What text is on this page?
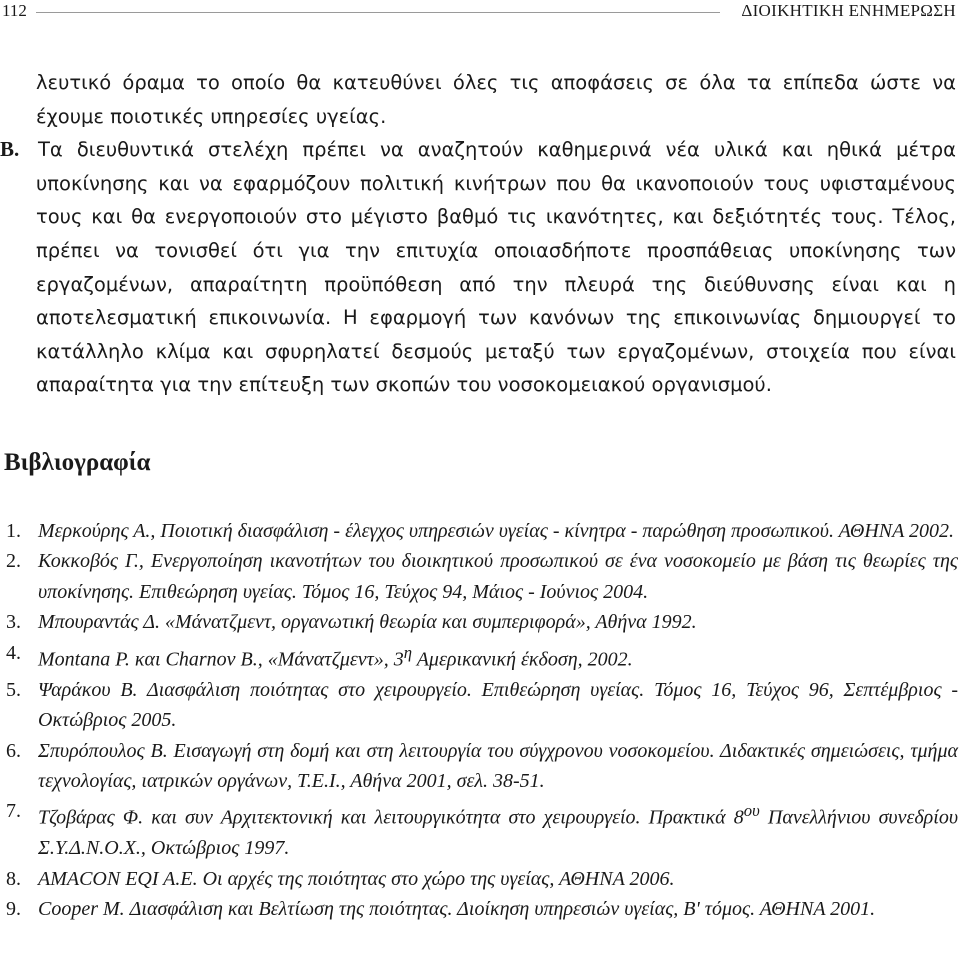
112	ΔΙΟΙΚΗΤΙΚΗ ΕΝΗΜΕΡΩΣΗ

λευτικό όραμα το οποίο θα κατευθύνει όλες τις αποφάσεις σε όλα τα επίπεδα ώστε να έχουμε ποιοτικές υπηρεσίες υγείας.

B. Τα διευθυντικά στελέχη πρέπει να αναζητούν καθημερινά νέα υλικά και ηθικά μέτρα υποκίνησης και να εφαρμόζουν πολιτική κινήτρων που θα ικανοποιούν τους υφισταμένους τους και θα ενεργοποιούν στο μέγιστο βαθμό τις ικανότητες, και δεξιότητές τους. Τέλος, πρέπει να τονισθεί ότι για την επιτυχία οποιασδήποτε προσπάθειας υποκίνησης των εργαζομένων, απαραίτητη προϋπόθεση από την πλευρά της διεύθυνσης είναι και η αποτελεσματική επικοινωνία. Η εφαρμογή των κανόνων της επικοινωνίας δημιουργεί το κατάλληλο κλίμα και σφυρηλατεί δεσμούς μεταξύ των εργαζομένων, στοιχεία που είναι απαραίτητα για την επίτευξη των σκοπών του νοσοκομειακού οργανισμού.

Βιβλιογραφία
1. Μερκούρης Α., Ποιοτική διασφάλιση - έλεγχος υπηρεσιών υγείας - κίνητρα - παρώθηση προσωπικού. ΑΘΗΝΑ 2002.
2. Κοκκοβός Γ., Ενεργοποίηση ικανοτήτων του διοικητικού προσωπικού σε ένα νοσοκομείο με βάση τις θεωρίες της υποκίνησης. Επιθεώρηση υγείας. Τόμος 16, Τεύχος 94, Μάιος - Ιούνιος 2004.
3. Μπουραντάς Δ. «Μάνατζμεντ, οργανωτική θεωρία και συμπεριφορά», Αθήνα 1992.
4. Montana P. και Charnov B., «Μάνατζμεντ», $3^\eta$ Αμερικανική έκδοση, 2002.
5. Ψαράκου Β. Διασφάλιση ποιότητας στο χειρουργείο. Επιθεώρηση υγείας. Τόμος 16, Τεύχος 96, Σεπτέμβριος - Οκτώβριος 2005.
6. Σπυρόπουλος Β. Εισαγωγή στη δομή και στη λειτουργία του σύγχρονου νοσοκομείου. Διδακτικές σημειώσεις, τμήμα τεχνολογίας, ιατρικών οργάνων, Τ.Ε.Ι., Αθήνα 2001, σελ. 38-51.
7. Τζοβάρας Φ. και συν Αρχιτεκτονική και λειτουργικότητα στο χειρουργείο. Πρακτικά $8^{o\upsilon}$ Πανελλήνιου συνεδρίου Σ.Υ.Δ.Ν.Ο.Χ., Οκτώβριος 1997.
8. AMACON EQI A.E. Οι αρχές της ποιότητας στο χώρο της υγείας, ΑΘΗΝΑ 2006.
9. Cooper M. Διασφάλιση και Βελτίωση της ποιότητας. Διοίκηση υπηρεσιών υγείας, Β' τόμος. ΑΘΗΝΑ 2001.
